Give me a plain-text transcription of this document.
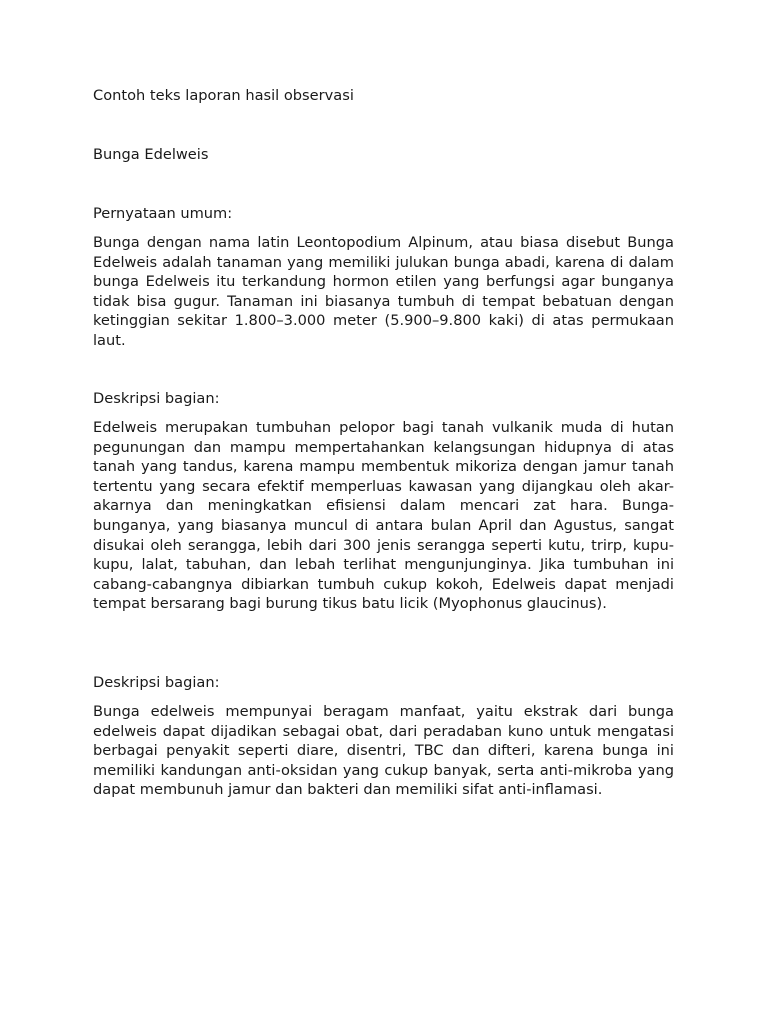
Contoh teks laporan hasil observasi

Bunga Edelweis

Pernyataan umum:

Bunga dengan nama latin Leontopodium Alpinum, atau biasa disebut Bunga Edelweis adalah tanaman yang memiliki julukan bunga abadi, karena di dalam bunga Edelweis itu terkandung hormon etilen yang berfungsi agar bunganya tidak bisa gugur. Tanaman ini biasanya tumbuh di tempat bebatuan dengan ketinggian sekitar 1.800–3.000 meter (5.900–9.800 kaki) di atas permukaan laut.

Deskripsi bagian:

Edelweis merupakan tumbuhan pelopor bagi tanah vulkanik muda di hutan pegunungan dan mampu mempertahankan kelangsungan hidupnya di atas tanah yang tandus, karena mampu membentuk mikoriza dengan jamur tanah tertentu yang secara efektif memperluas kawasan yang dijangkau oleh akar-akarnya dan meningkatkan efisiensi dalam mencari zat hara. Bunga-bunganya, yang biasanya muncul di antara bulan April dan Agustus, sangat disukai oleh serangga, lebih dari 300 jenis serangga seperti kutu, trirp, kupu-kupu, lalat, tabuhan, dan lebah terlihat mengunjunginya. Jika tumbuhan ini cabang-cabangnya dibiarkan tumbuh cukup kokoh, Edelweis dapat menjadi tempat bersarang bagi burung tikus batu licik (Myophonus glaucinus).

Deskripsi bagian:

Bunga edelweis mempunyai beragam manfaat, yaitu ekstrak dari bunga edelweis dapat dijadikan sebagai obat, dari peradaban kuno untuk mengatasi berbagai penyakit seperti diare, disentri, TBC dan difteri, karena bunga ini memiliki kandungan anti-oksidan yang cukup banyak, serta anti-mikroba yang dapat membunuh jamur dan bakteri dan memiliki sifat anti-inflamasi.
